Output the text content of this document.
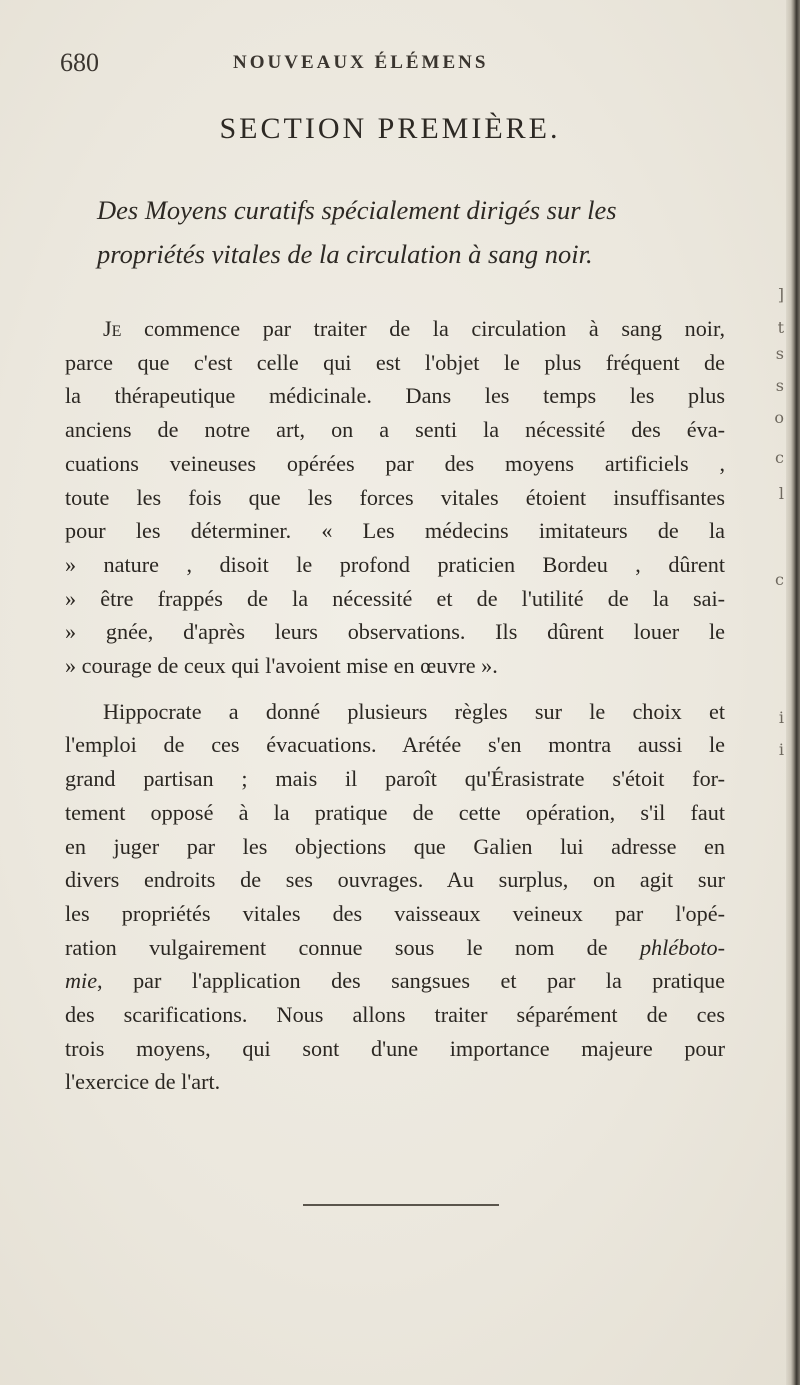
680	NOUVEAUX ÉLÉMENS
SECTION PREMIÈRE.
Des Moyens curatifs spécialement dirigés sur les
propriétés vitales de la circulation à sang noir.
Je commence par traiter de la circulation à sang noir,
parce que c'est celle qui est l'objet le plus fréquent de
la thérapeutique médicinale. Dans les temps les plus
anciens de notre art, on a senti la nécessité des éva-
cuations veineuses opérées par des moyens artificiels ,
toute les fois que les forces vitales étoient insuffisantes
pour les déterminer. « Les médecins imitateurs de la
» nature , disoit le profond praticien Bordeu , dûrent
» être frappés de la nécessité et de l'utilité de la sai-
» gnée, d'après leurs observations. Ils dûrent louer le
» courage de ceux qui l'avoient mise en œuvre ».
Hippocrate a donné plusieurs règles sur le choix et
l'emploi de ces évacuations. Arétée s'en montra aussi le
grand partisan ; mais il paroît qu'Érasistrate s'étoit for-
tement opposé à la pratique de cette opération, s'il faut
en juger par les objections que Galien lui adresse en
divers endroits de ses ouvrages. Au surplus, on agit sur
les propriétés vitales des vaisseaux veineux par l'opé-
ration vulgairement connue sous le nom de phléboto-
mie, par l'application des sangsues et par la pratique
des scarifications. Nous allons traiter séparément de ces
trois moyens, qui sont d'une importance majeure pour
l'exercice de l'art.
]
t
s
s
o
c
l
c
i
i
